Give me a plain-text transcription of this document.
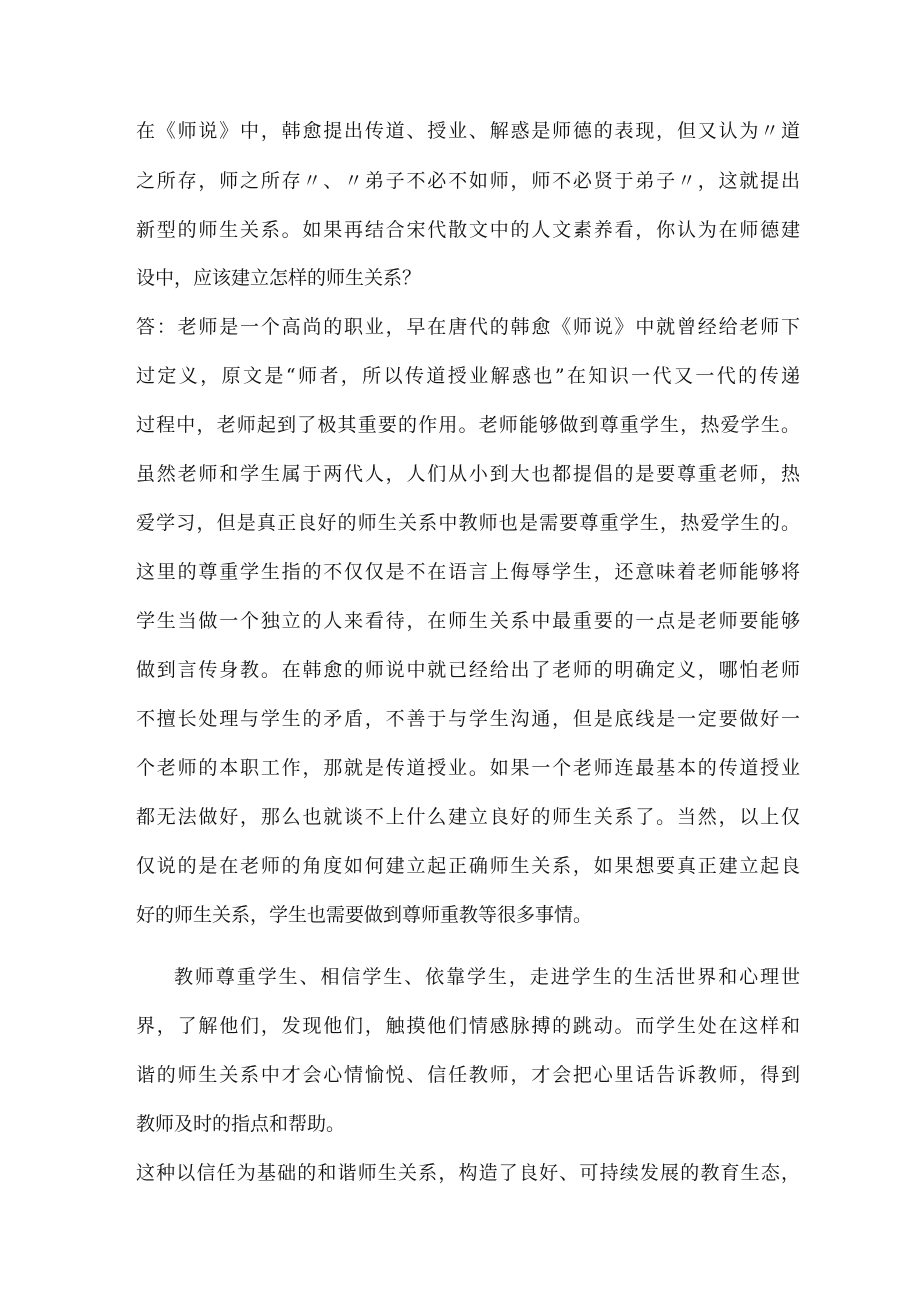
在《师说》中，韩愈提出传道、授业、解惑是师德的表现，但又认为〃道
之所存，师之所存〃、〃弟子不必不如师，师不必贤于弟子〃，这就提出
新型的师生关系。如果再结合宋代散文中的人文素养看，你认为在师德建
设中，应该建立怎样的师生关系？
答：老师是一个高尚的职业，早在唐代的韩愈《师说》中就曾经给老师下
过定义，原文是“师者，所以传道授业解惑也”在知识一代又一代的传递
过程中，老师起到了极其重要的作用。老师能够做到尊重学生，热爱学生。
虽然老师和学生属于两代人，人们从小到大也都提倡的是要尊重老师，热
爱学习，但是真正良好的师生关系中教师也是需要尊重学生，热爱学生的。
这里的尊重学生指的不仅仅是不在语言上侮辱学生，还意味着老师能够将
学生当做一个独立的人来看待，在师生关系中最重要的一点是老师要能够
做到言传身教。在韩愈的师说中就已经给出了老师的明确定义，哪怕老师
不擅长处理与学生的矛盾，不善于与学生沟通，但是底线是一定要做好一
个老师的本职工作，那就是传道授业。如果一个老师连最基本的传道授业
都无法做好，那么也就谈不上什么建立良好的师生关系了。当然，以上仅
仅说的是在老师的角度如何建立起正确师生关系，如果想要真正建立起良
好的师生关系，学生也需要做到尊师重教等很多事情。
教师尊重学生、相信学生、依靠学生，走进学生的生活世界和心理世
界，了解他们，发现他们，触摸他们情感脉搏的跳动。而学生处在这样和
谐的师生关系中才会心情愉悦、信任教师，才会把心里话告诉教师，得到
教师及时的指点和帮助。
这种以信任为基础的和谐师生关系，构造了良好、可持续发展的教育生态，
